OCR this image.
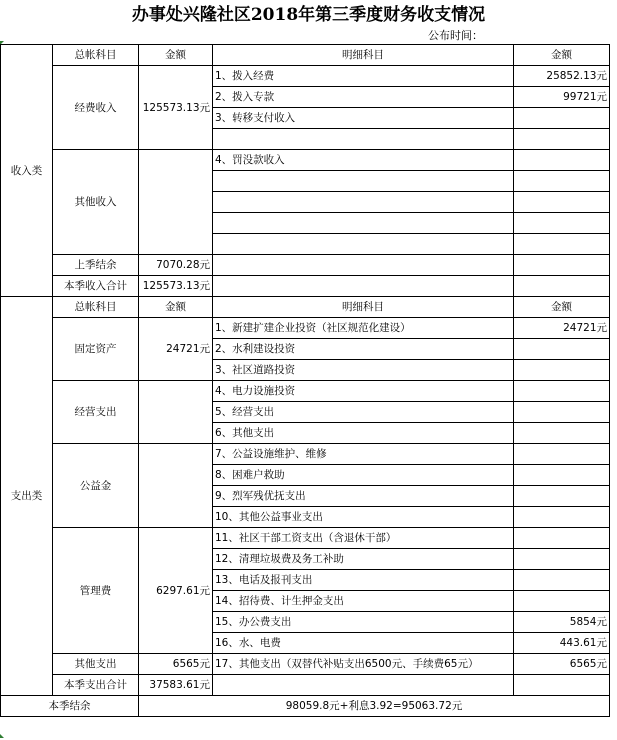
办事处兴隆社区2018年第三季度财务收支情况
公布时间：
收入类	总帐科目	金额	明细科目	金额
	经费收入	125573.13元	1、拨入经费	25852.13元
			2、拨入专款	99721元
			3、转移支付收入	

	其他收入		4、罚没款收入	

	上季结余	7070.28元		
	本季收入合计	125573.13元		
支出类	总帐科目	金额	明细科目	金额
	固定资产	24721元	1、新建扩建企业投资（社区规范化建设）	24721元
			2、水利建设投资	
			3、社区道路投资	
	经营支出		4、电力设施投资	
			5、经营支出	
			6、其他支出	
	公益金		7、公益设施维护、维修	
			8、困难户救助	
			9、烈军残优抚支出	
			10、其他公益事业支出	
	管理费	6297.61元	11、社区干部工资支出（含退休干部）	
			12、清理垃圾费及务工补助	
			13、电话及报刊支出	
			14、招待费、计生押金支出	
			15、办公费支出	5854元
			16、水、电费	443.61元
	其他支出	6565元	17、其他支出（双替代补贴支出6500元、手续费65元）	6565元
	本季支出合计	37583.61元		
本季结余		98059.8元+利息3.92=95063.72元		
